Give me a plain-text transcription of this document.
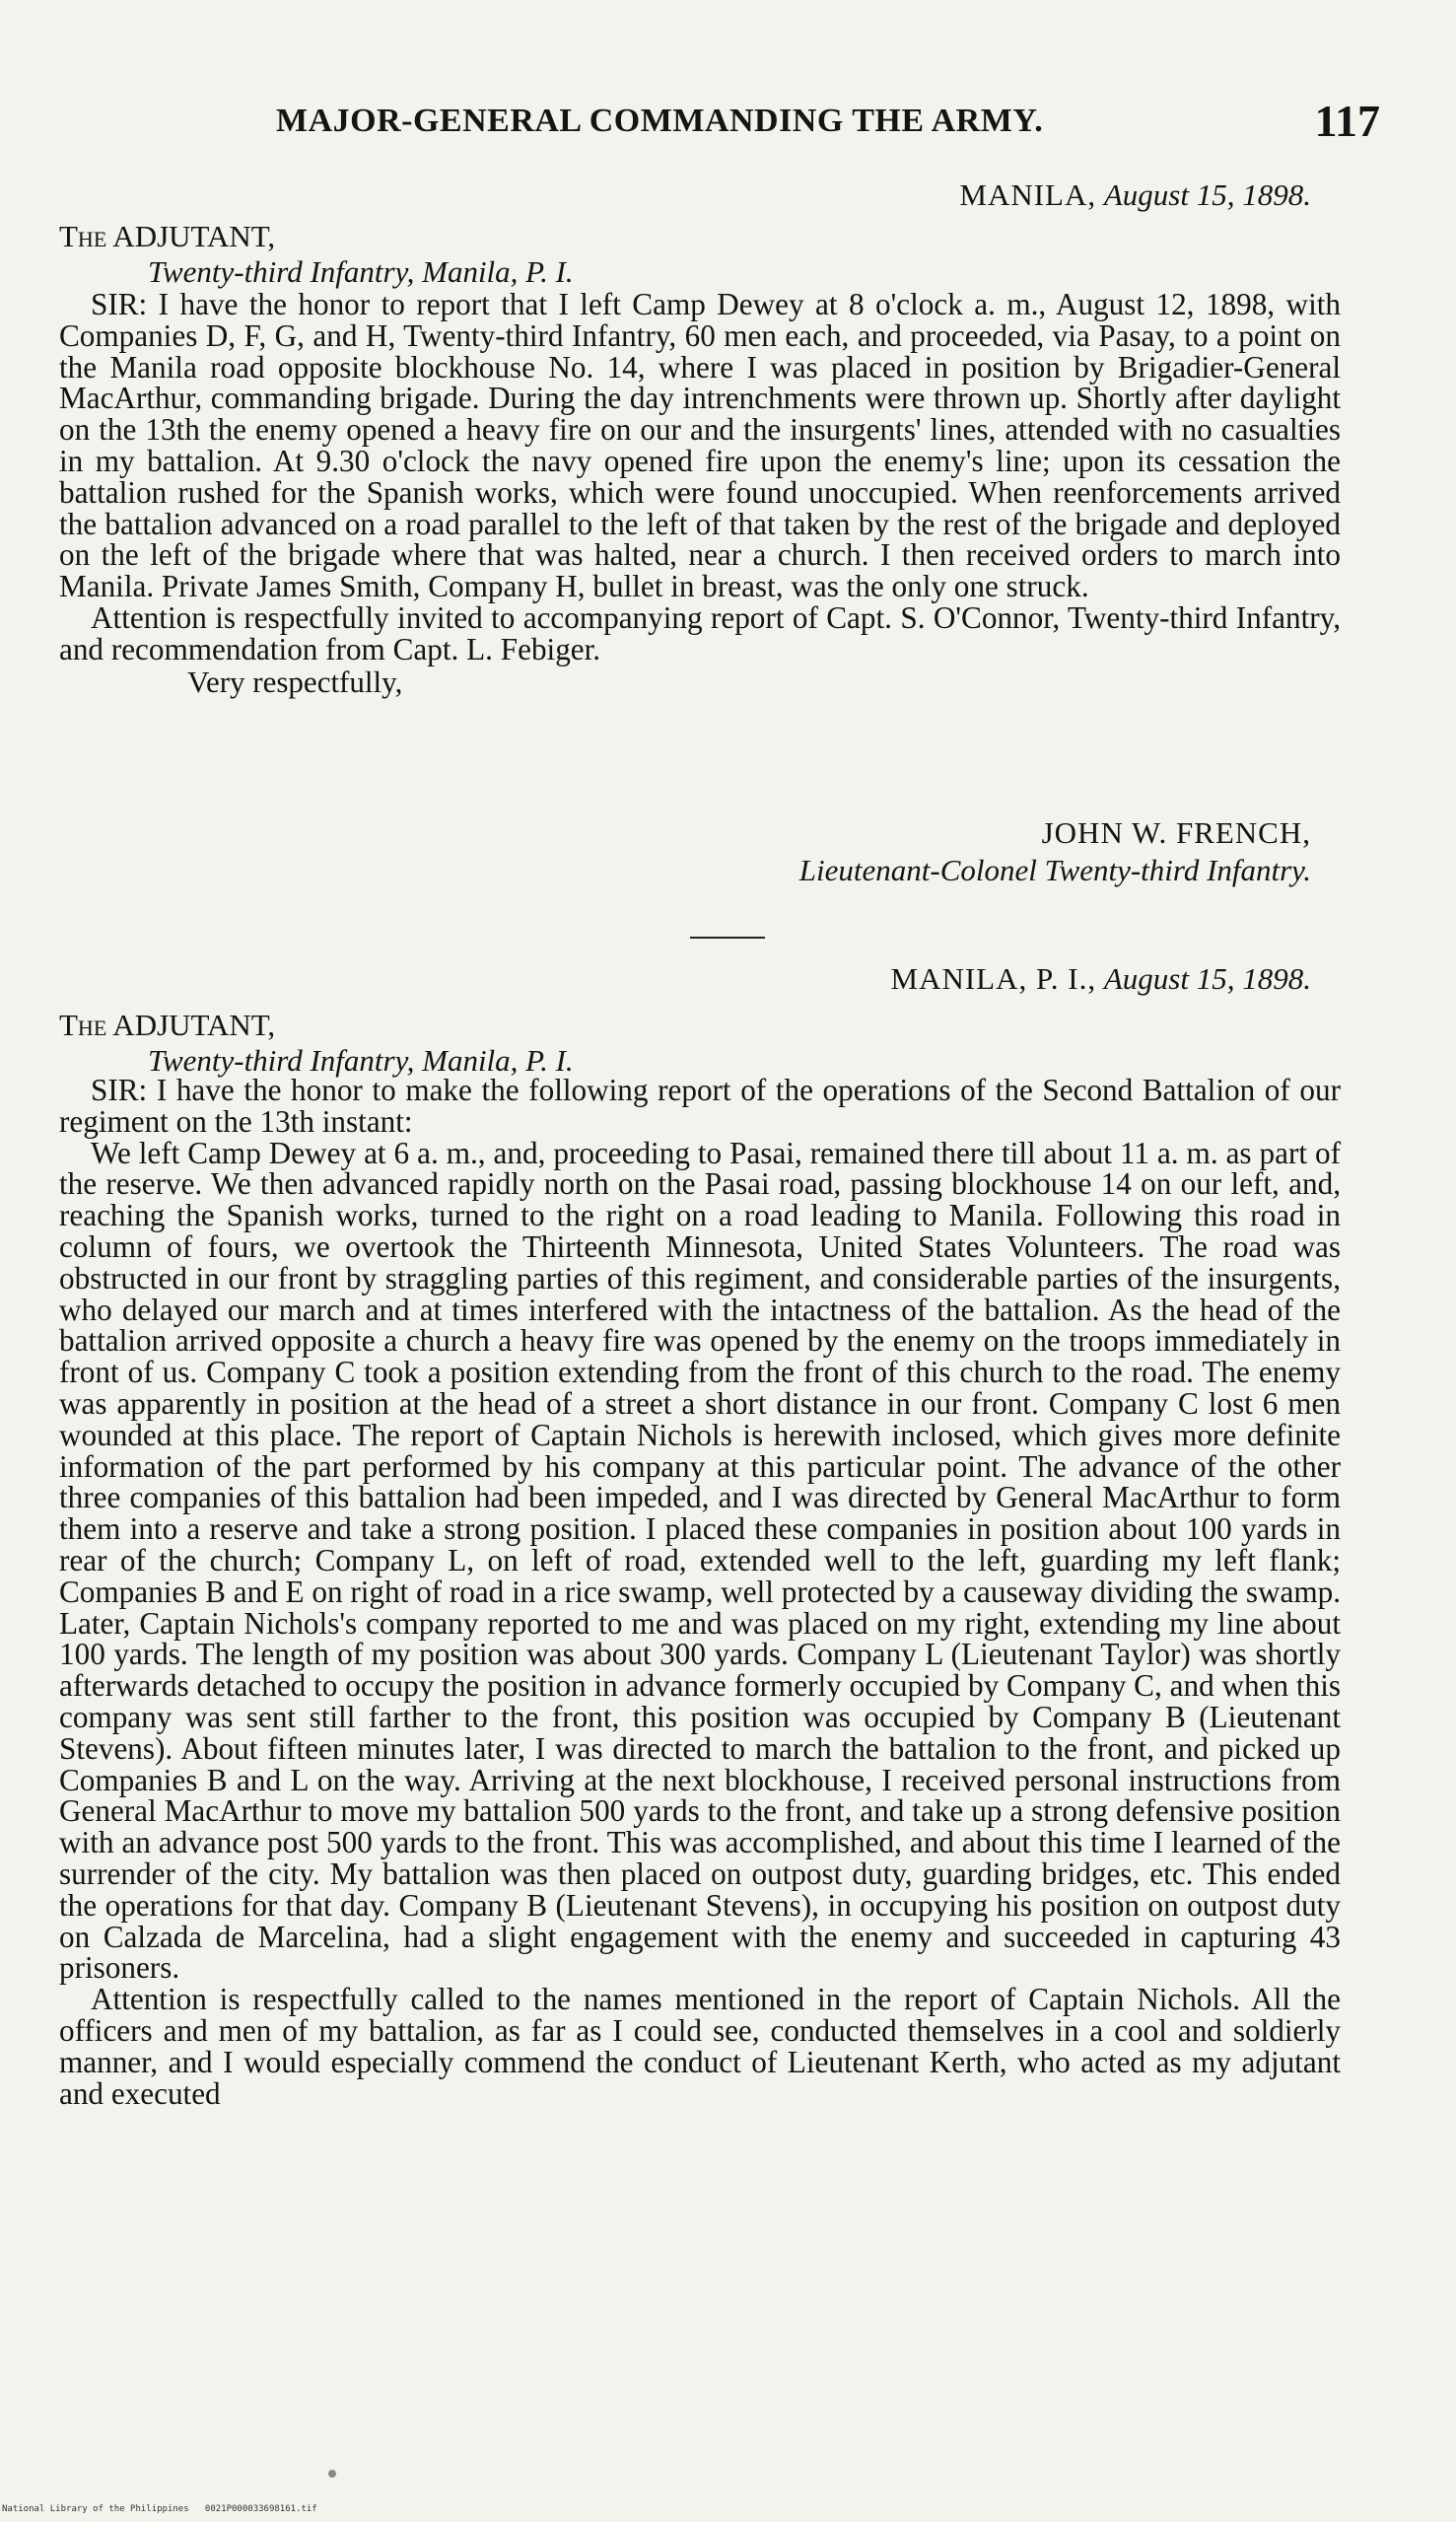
MAJOR-GENERAL COMMANDING THE ARMY.	117
MANILA, August 15, 1898.
The ADJUTANT,
Twenty-third Infantry, Manila, P. I.

SIR: I have the honor to report that I left Camp Dewey at 8 o'clock a. m., August 12, 1898, with Companies D, F, G, and H, Twenty-third Infantry, 60 men each, and proceeded, via Pasay, to a point on the Manila road opposite blockhouse No. 14, where I was placed in position by Brigadier-General MacArthur, commanding brigade. During the day intrenchments were thrown up. Shortly after daylight on the 13th the enemy opened a heavy fire on our and the insurgents' lines, attended with no casualties in my battalion. At 9.30 o'clock the navy opened fire upon the enemy's line; upon its cessation the battalion rushed for the Spanish works, which were found unoccupied. When reenforcements arrived the battalion advanced on a road parallel to the left of that taken by the rest of the brigade and deployed on the left of the brigade where that was halted, near a church. I then received orders to march into Manila. Private James Smith, Company H, bullet in breast, was the only one struck.

Attention is respectfully invited to accompanying report of Capt. S. O'Connor, Twenty-third Infantry, and recommendation from Capt. L. Febiger.

Very respectfully,
JOHN W. FRENCH,
Lieutenant-Colonel Twenty-third Infantry.
MANILA, P. I., August 15, 1898.
The ADJUTANT,
Twenty-third Infantry, Manila, P. I.

SIR: I have the honor to make the following report of the operations of the Second Battalion of our regiment on the 13th instant:

We left Camp Dewey at 6 a. m., and, proceeding to Pasai, remained there till about 11 a. m. as part of the reserve. We then advanced rapidly north on the Pasai road, passing blockhouse 14 on our left, and, reaching the Spanish works, turned to the right on a road leading to Manila. Following this road in column of fours, we overtook the Thirteenth Minnesota, United States Volunteers. The road was obstructed in our front by straggling parties of this regiment, and considerable parties of the insurgents, who delayed our march and at times interfered with the intactness of the battalion. As the head of the battalion arrived opposite a church a heavy fire was opened by the enemy on the troops immediately in front of us. Company C took a position extending from the front of this church to the road. The enemy was apparently in position at the head of a street a short distance in our front. Company C lost 6 men wounded at this place. The report of Captain Nichols is herewith inclosed, which gives more definite information of the part performed by his company at this particular point. The advance of the other three companies of this battalion had been impeded, and I was directed by General MacArthur to form them into a reserve and take a strong position. I placed these companies in position about 100 yards in rear of the church; Company L, on left of road, extended well to the left, guarding my left flank; Companies B and E on right of road in a rice swamp, well protected by a causeway dividing the swamp. Later, Captain Nichols's company reported to me and was placed on my right, extending my line about 100 yards. The length of my position was about 300 yards. Company L (Lieutenant Taylor) was shortly afterwards detached to occupy the position in advance formerly occupied by Company C, and when this company was sent still farther to the front, this position was occupied by Company B (Lieutenant Stevens). About fifteen minutes later, I was directed to march the battalion to the front, and picked up Companies B and L on the way. Arriving at the next blockhouse, I received personal instructions from General MacArthur to move my battalion 500 yards to the front, and take up a strong defensive position with an advance post 500 yards to the front. This was accomplished, and about this time I learned of the surrender of the city. My battalion was then placed on outpost duty, guarding bridges, etc. This ended the operations for that day. Company B (Lieutenant Stevens), in occupying his position on outpost duty on Calzada de Marcelina, had a slight engagement with the enemy and succeeded in capturing 43 prisoners.

Attention is respectfully called to the names mentioned in the report of Captain Nichols. All the officers and men of my battalion, as far as I could see, conducted themselves in a cool and soldierly manner, and I would especially commend the conduct of Lieutenant Kerth, who acted as my adjutant and executed

National Library of the Philippines 0021P000033698161.tif
